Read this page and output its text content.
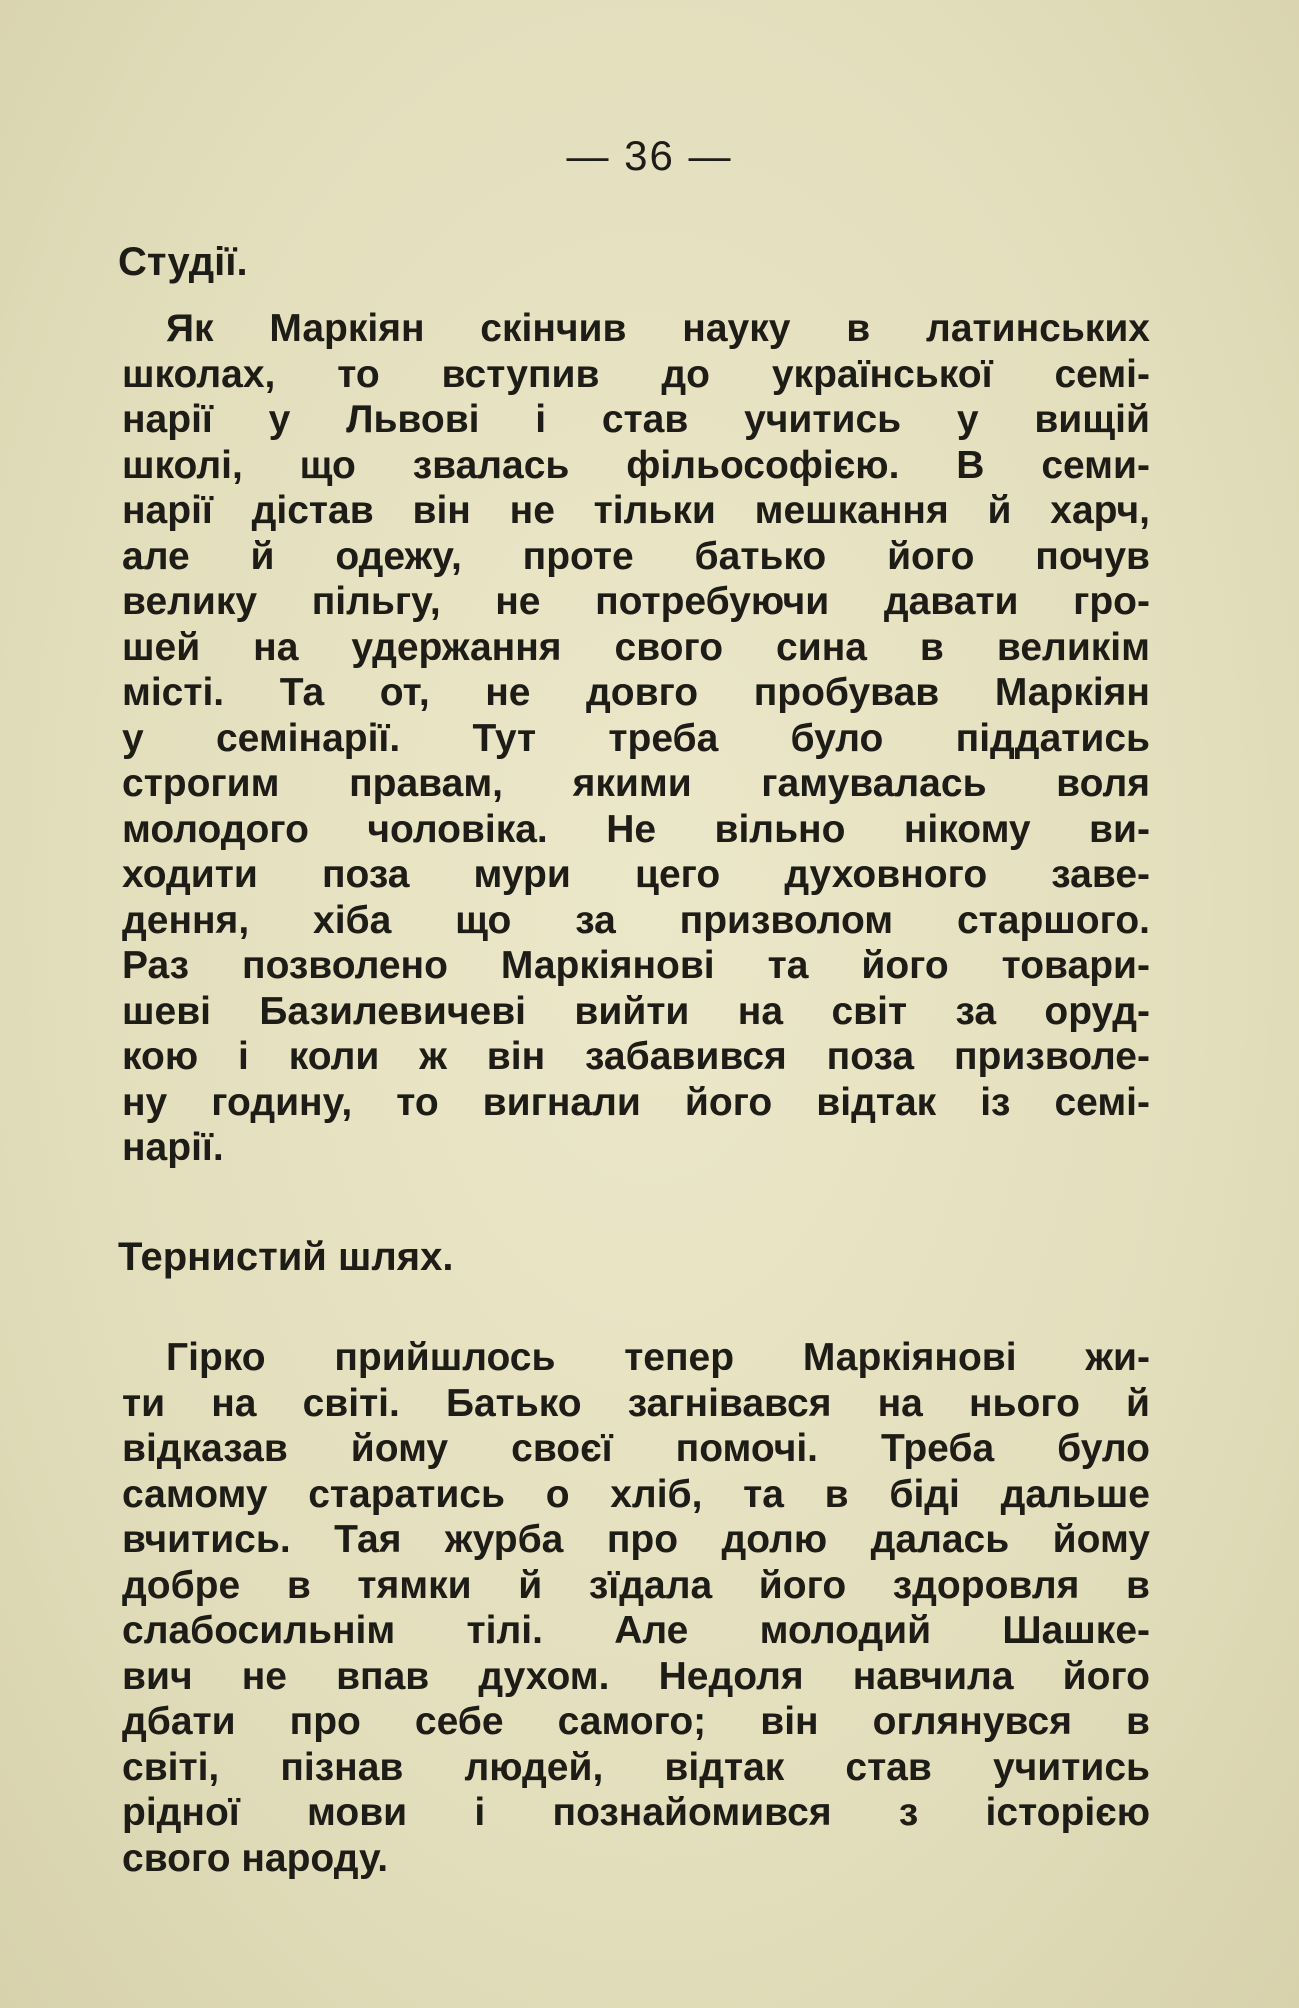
— 36 —
Студії.
Як Маркіян скінчив науку в латинських
школах, то вступив до української семі-
нарії у Львові і став учитись у вищій
школі, що звалась фільософією. В семи-
нарії дістав він не тільки мешкання й харч,
але й одежу, проте батько його почув
велику пільгу, не потребуючи давати гро-
шей на удержання свого сина в великім
місті. Та от, не довго пробував Маркіян
у семінарії. Тут треба було піддатись
строгим правам, якими гамувалась воля
молодого чоловіка. Не вільно нікому ви-
ходити поза мури цего духовного заве-
дення, хіба що за призволом старшого.
Раз позволено Маркіянові та його товари-
шеві Базилевичеві вийти на світ за оруд-
кою і коли ж він забавився поза призволе-
ну годину, то вигнали його відтак із семі-
нарії.
Тернистий шлях.
Гірко прийшлось тепер Маркіянові жи-
ти на світі. Батько загнівався на нього й
відказав йому своєї помочі. Треба було
самому старатись о хліб, та в біді дальше
вчитись. Тая журба про долю далась йому
добре в тямки й зїдала його здоровля в
слабосильнім тілі. Але молодий Шашке-
вич не впав духом. Недоля навчила його
дбати про себе самого; він оглянувся в
світі, пізнав людей, відтак став учитись
рідної мови і познайомився з історією
свого народу.
